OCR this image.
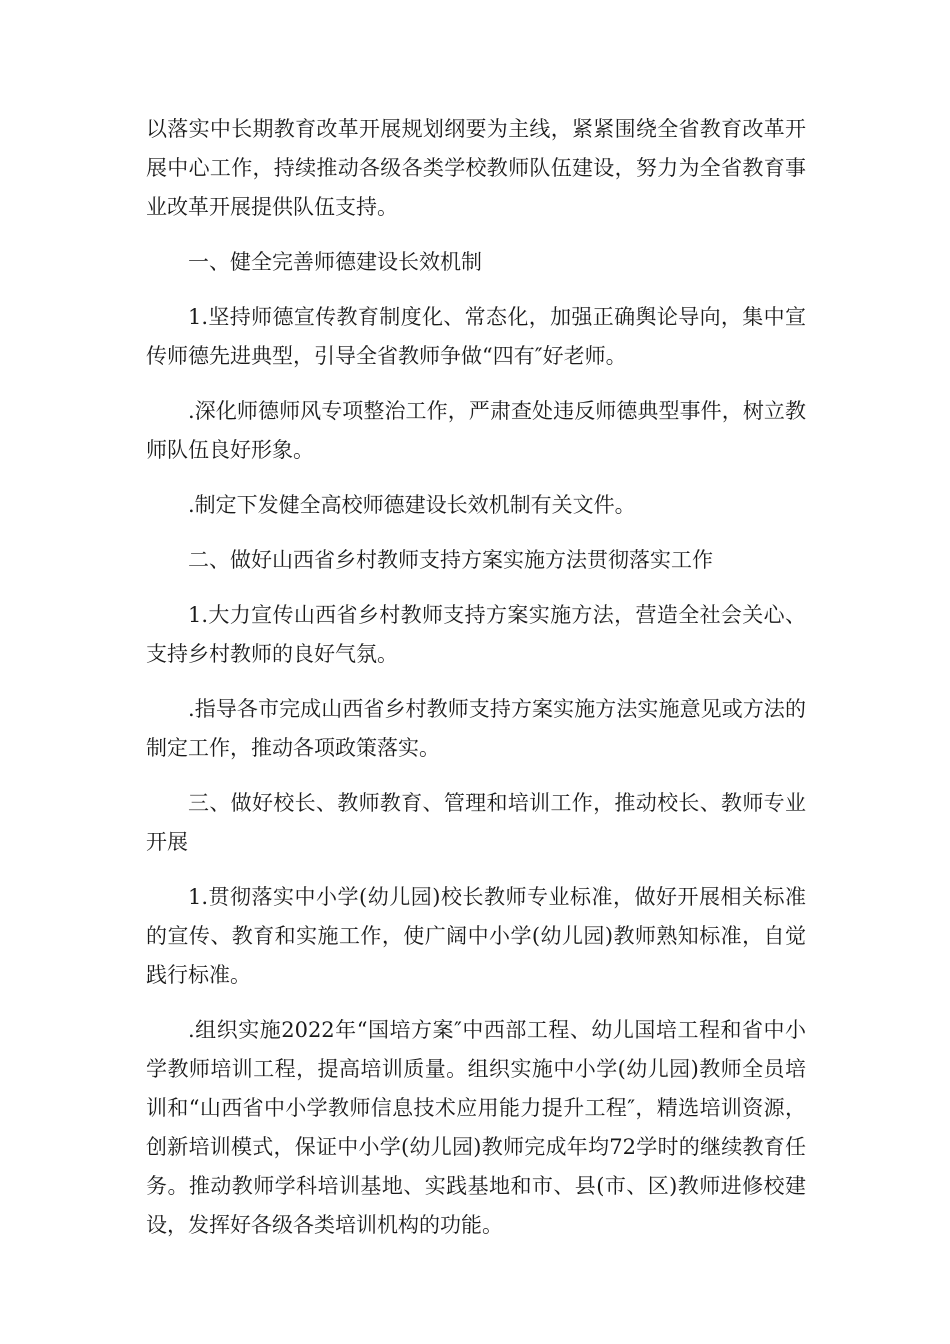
以落实中长期教育改革开展规划纲要为主线，紧紧围绕全省教育改革开展中心工作，持续推动各级各类学校教师队伍建设，努力为全省教育事业改革开展提供队伍支持。

一、健全完善师德建设长效机制

1.坚持师德宣传教育制度化、常态化，加强正确舆论导向，集中宣传师德先进典型，引导全省教师争做“四有″好老师。

.深化师德师风专项整治工作，严肃查处违反师德典型事件，树立教师队伍良好形象。

.制定下发健全高校师德建设长效机制有关文件。

二、做好山西省乡村教师支持方案实施方法贯彻落实工作

1.大力宣传山西省乡村教师支持方案实施方法，营造全社会关心、支持乡村教师的良好气氛。

.指导各市完成山西省乡村教师支持方案实施方法实施意见或方法的制定工作，推动各项政策落实。

三、做好校长、教师教育、管理和培训工作，推动校长、教师专业开展

1.贯彻落实中小学(幼儿园)校长教师专业标准，做好开展相关标准的宣传、教育和实施工作，使广阔中小学(幼儿园)教师熟知标准，自觉践行标准。

.组织实施2022年“国培方案″中西部工程、幼儿国培工程和省中小学教师培训工程，提高培训质量。组织实施中小学(幼儿园)教师全员培训和“山西省中小学教师信息技术应用能力提升工程″，精选培训资源，创新培训模式，保证中小学(幼儿园)教师完成年均72学时的继续教育任务。推动教师学科培训基地、实践基地和市、县(市、区)教师进修校建设，发挥好各级各类培训机构的功能。
